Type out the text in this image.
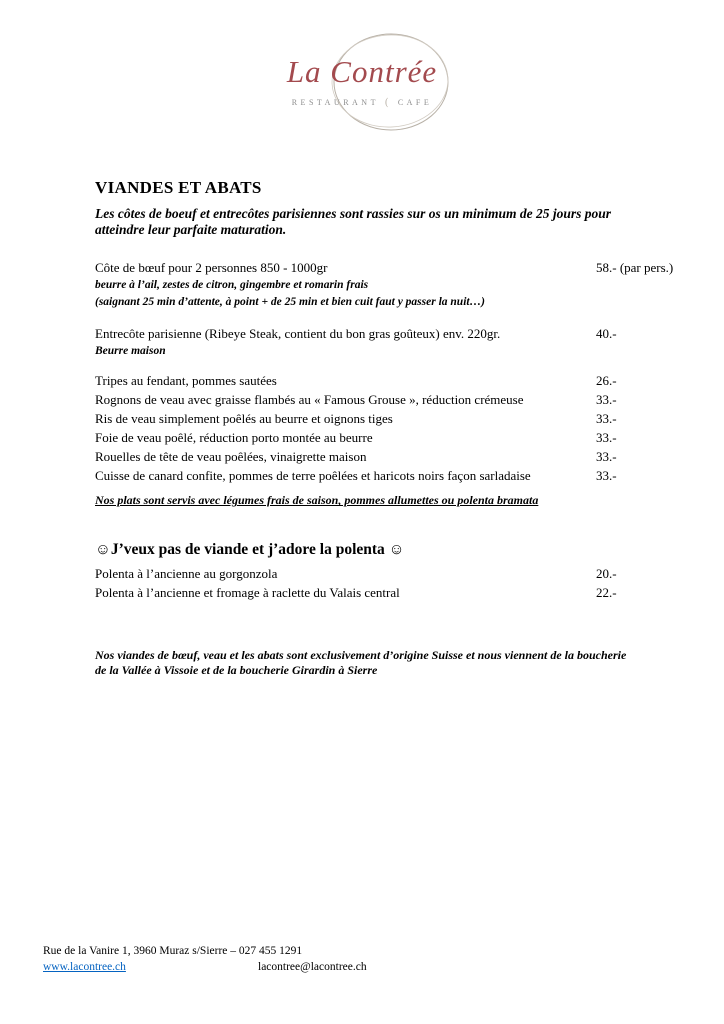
La Contrée
RESTAURANT ( CAFE
VIANDES ET ABATS
Les côtes de boeuf et entrecôtes parisiennes sont rassies sur os un minimum de 25 jours pour atteindre leur parfaite maturation.
Côte de bœuf pour 2 personnes 850 - 1000gr	58.- (par pers.)
beurre à l’ail, zestes de citron, gingembre et romarin frais
(saignant 25 min d’attente, à point + de 25 min et bien cuit faut y passer la nuit…)
Entrecôte parisienne (Ribeye Steak, contient du bon gras goûteux) env. 220gr.	40.-
Beurre maison
Tripes au fendant, pommes sautées	26.-
Rognons de veau avec graisse flambés au « Famous Grouse », réduction crémeuse	33.-
Ris de veau simplement poêlés au beurre et oignons tiges	33.-
Foie de veau poêlé, réduction porto montée au beurre	33.-
Rouelles de tête de veau poêlées, vinaigrette maison	33.-
Cuisse de canard confite, pommes de terre poêlées et haricots noirs façon sarladaise	33.-
Nos plats sont servis avec légumes frais de saison, pommes allumettes ou polenta bramata
☺J’veux pas de viande et j’adore la polenta ☺
Polenta à l’ancienne au gorgonzola	20.-
Polenta à l’ancienne et fromage à raclette du Valais central	22.-
Nos viandes de bœuf, veau et les abats sont exclusivement d’origine Suisse et nous viennent de la boucherie de la Vallée à Vissoie et de la boucherie Girardin à Sierre
Rue de la Vanire 1, 3960 Muraz s/Sierre – 027 455 1291
www.lacontree.ch	lacontree@lacontree.ch
